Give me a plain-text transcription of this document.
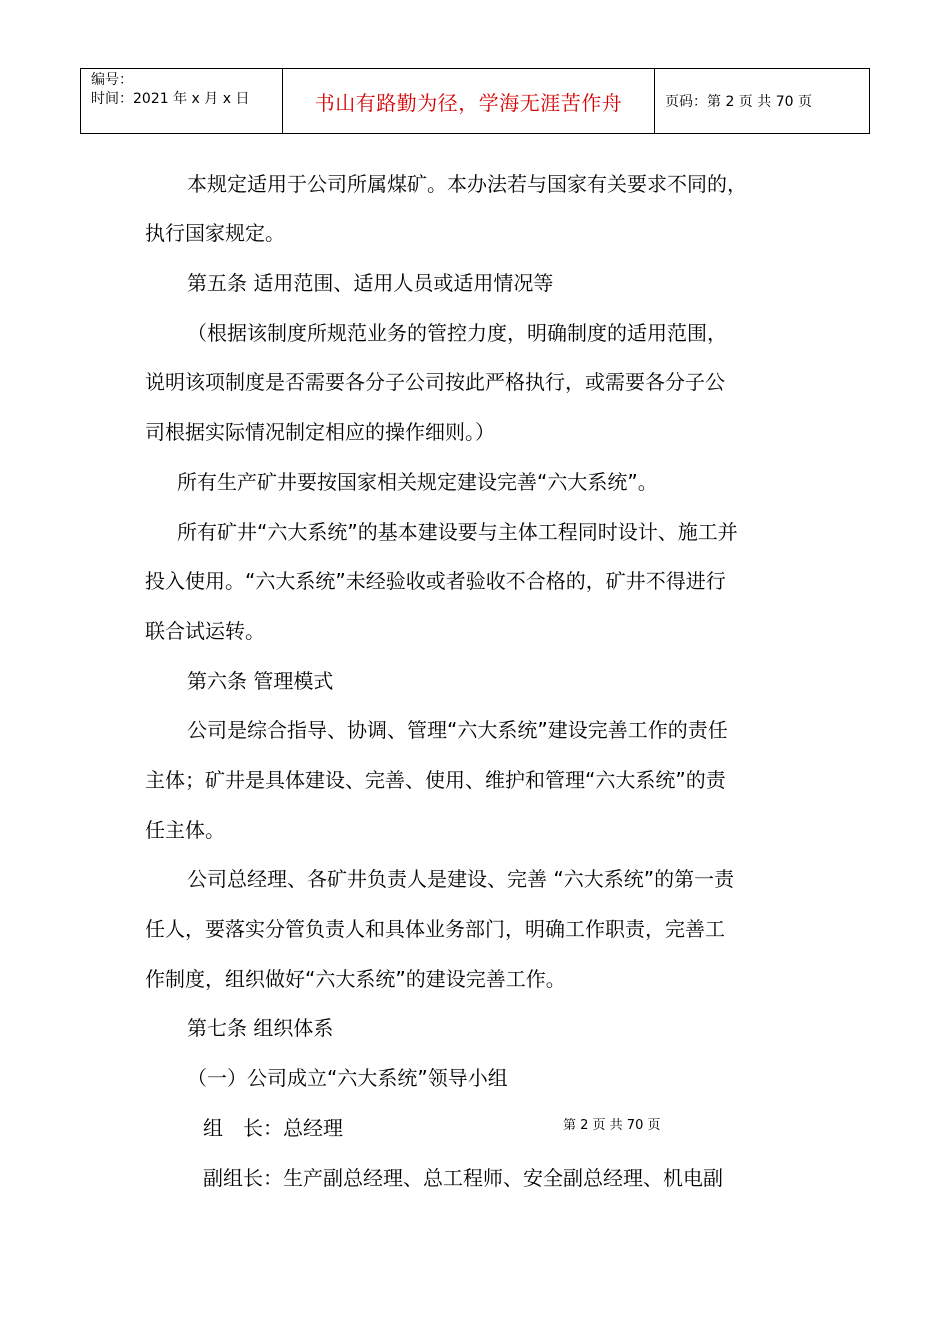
编号：
时间：2021 年 x 月 x 日	书山有路勤为径，学海无涯苦作舟	页码：第 2 页 共 70 页
本规定适用于公司所属煤矿。本办法若与国家有关要求不同的，
执行国家规定。
第五条 适用范围、适用人员或适用情况等
（根据该制度所规范业务的管控力度，明确制度的适用范围，
说明该项制度是否需要各分子公司按此严格执行，或需要各分子公
司根据实际情况制定相应的操作细则。）
所有生产矿井要按国家相关规定建设完善“六大系统”。
所有矿井“六大系统”的基本建设要与主体工程同时设计、施工并
投入使用。“六大系统”未经验收或者验收不合格的，矿井不得进行
联合试运转。
第六条 管理模式
公司是综合指导、协调、管理“六大系统”建设完善工作的责任
主体；矿井是具体建设、完善、使用、维护和管理“六大系统”的责
任主体。
公司总经理、各矿井负责人是建设、完善 “六大系统”的第一责
任人，要落实分管负责人和具体业务部门，明确工作职责，完善工
作制度，组织做好“六大系统”的建设完善工作。
第七条 组织体系
（一）公司成立“六大系统”领导小组
组　长：总经理	第 2 页 共 70 页
副组长：生产副总经理、总工程师、安全副总经理、机电副
